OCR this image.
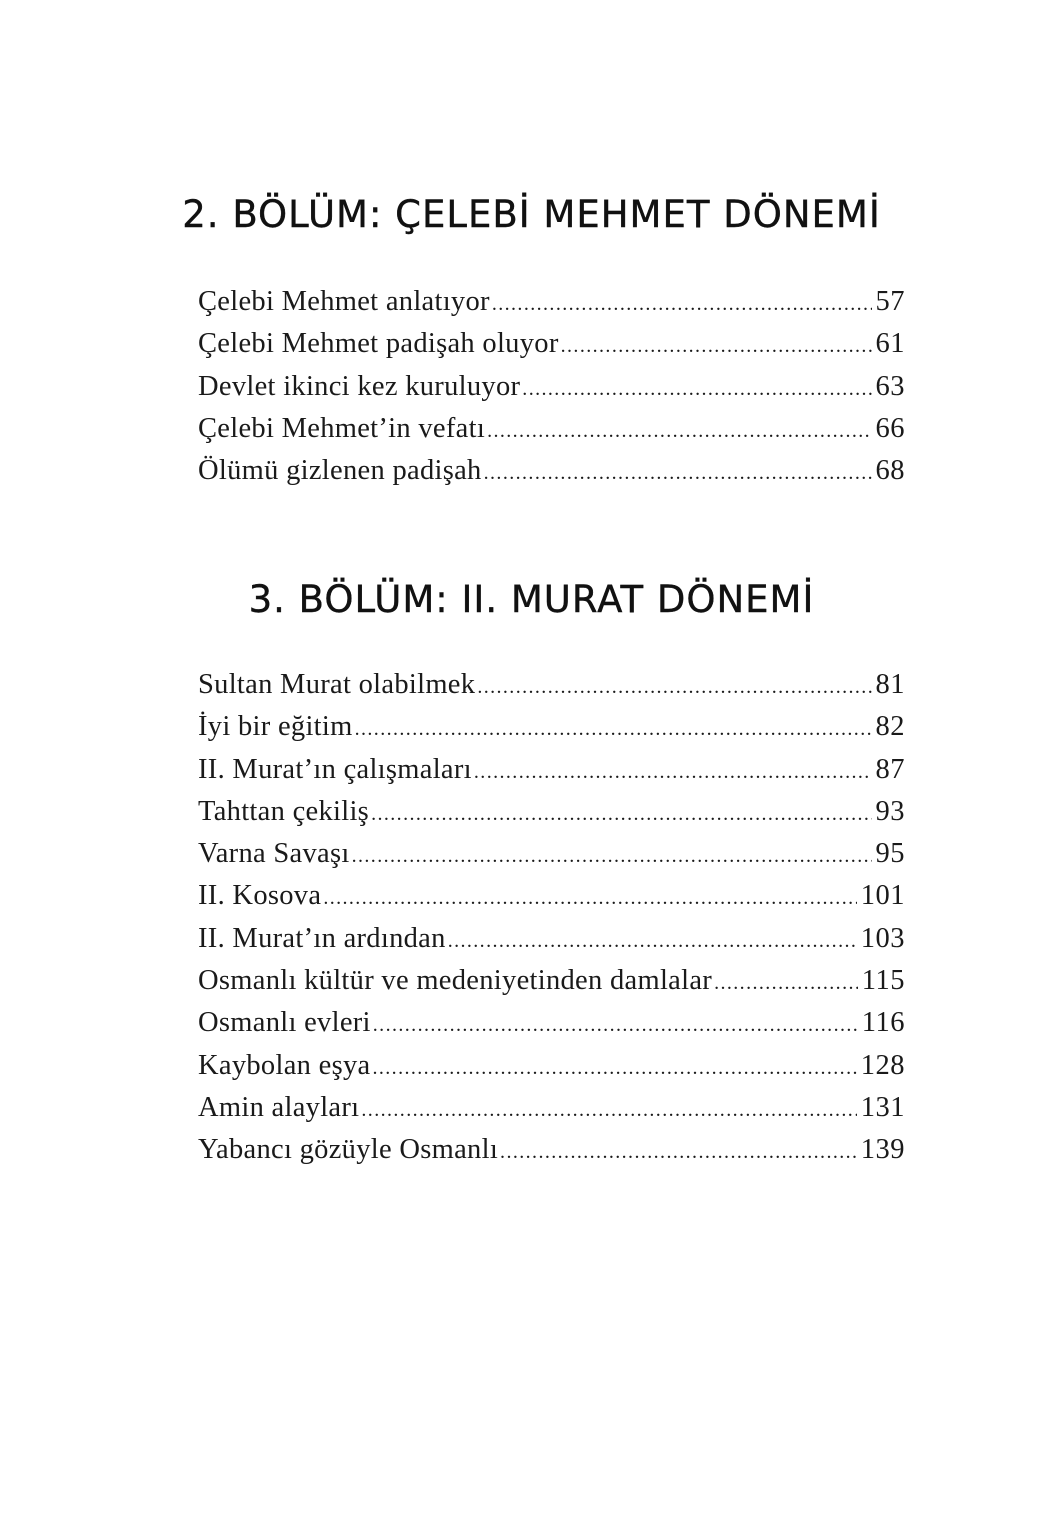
2. BÖLÜM: ÇELEBİ MEHMET DÖNEMİ
Çelebi Mehmet anlatıyor .....	57
Çelebi Mehmet padişah oluyor .....	61
Devlet ikinci kez kuruluyor .....	63
Çelebi Mehmet’in vefatı .....	66
Ölümü gizlenen padişah .....	68
3. BÖLÜM: II. MURAT DÖNEMİ
Sultan Murat olabilmek .....	81
İyi bir eğitim .....	82
II. Murat’ın çalışmaları .....	87
Tahttan çekiliş .....	93
Varna Savaşı .....	95
II. Kosova .....	101
II. Murat’ın ardından .....	103
Osmanlı kültür ve medeniyetinden damlalar .....	115
Osmanlı evleri .....	116
Kaybolan eşya .....	128
Amin alayları .....	131
Yabancı gözüyle Osmanlı .....	139
